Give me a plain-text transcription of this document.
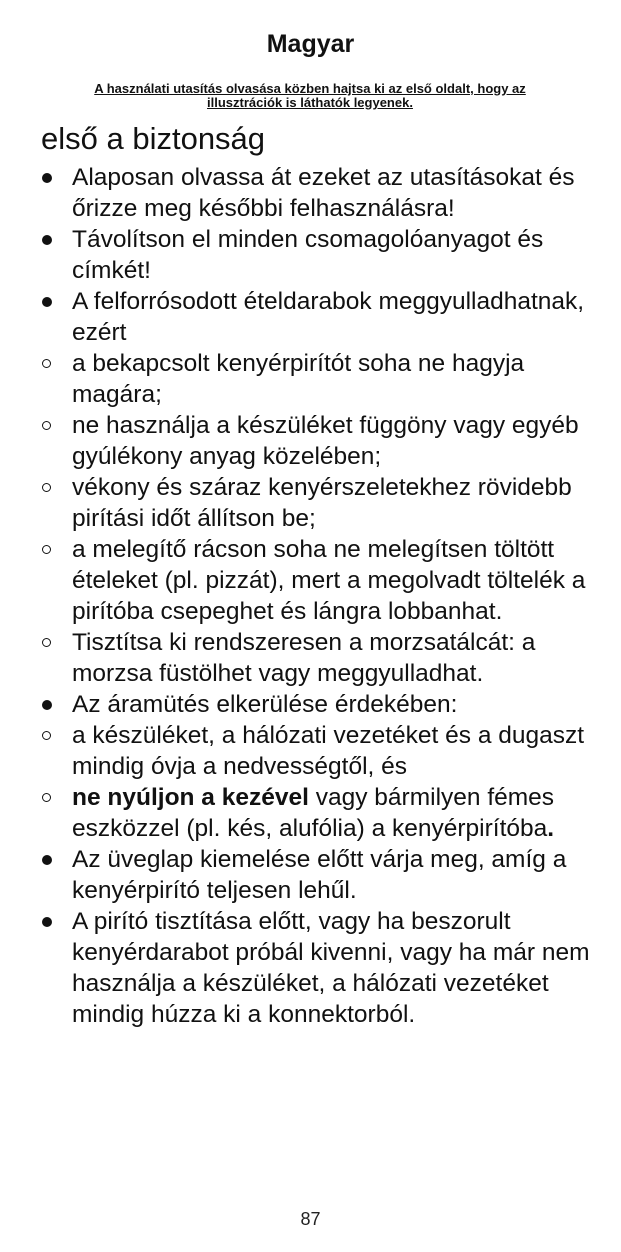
Magyar
A használati utasítás olvasása közben hajtsa ki az első oldalt, hogy az illusztrációk is láthatók legyenek.
első a biztonság
Alaposan olvassa át ezeket az utasításokat és őrizze meg későbbi felhasználásra!
Távolítson el minden csomagolóanyagot és címkét!
A felforrósodott ételdarabok meggyulladhatnak, ezért
a bekapcsolt kenyérpirítót soha ne hagyja magára;
ne használja a készüléket függöny vagy egyéb gyúlékony anyag közelében;
vékony és száraz kenyérszeletekhez rövidebb pirítási időt állítson be;
a melegítő rácson soha ne melegítsen töltött ételeket (pl. pizzát), mert a megolvadt töltelék a pirítóba csepeghet és lángra lobbanhat.
Tisztítsa ki rendszeresen a morzsatálcát: a morzsa füstölhet vagy meggyulladhat.
Az áramütés elkerülése érdekében:
a készüléket, a hálózati vezetéket és a dugaszt mindig óvja a nedvességtől, és
ne nyúljon a kezével vagy bármilyen fémes eszközzel (pl. kés, alufólia) a kenyérpirítóba.
Az üveglap kiemelése előtt várja meg, amíg a kenyérpirító teljesen lehűl.
A pirító tisztítása előtt, vagy ha beszorult kenyérdarabot próbál kivenni, vagy ha már nem használja a készüléket, a hálózati vezetéket mindig húzza ki a konnektorból.
87
